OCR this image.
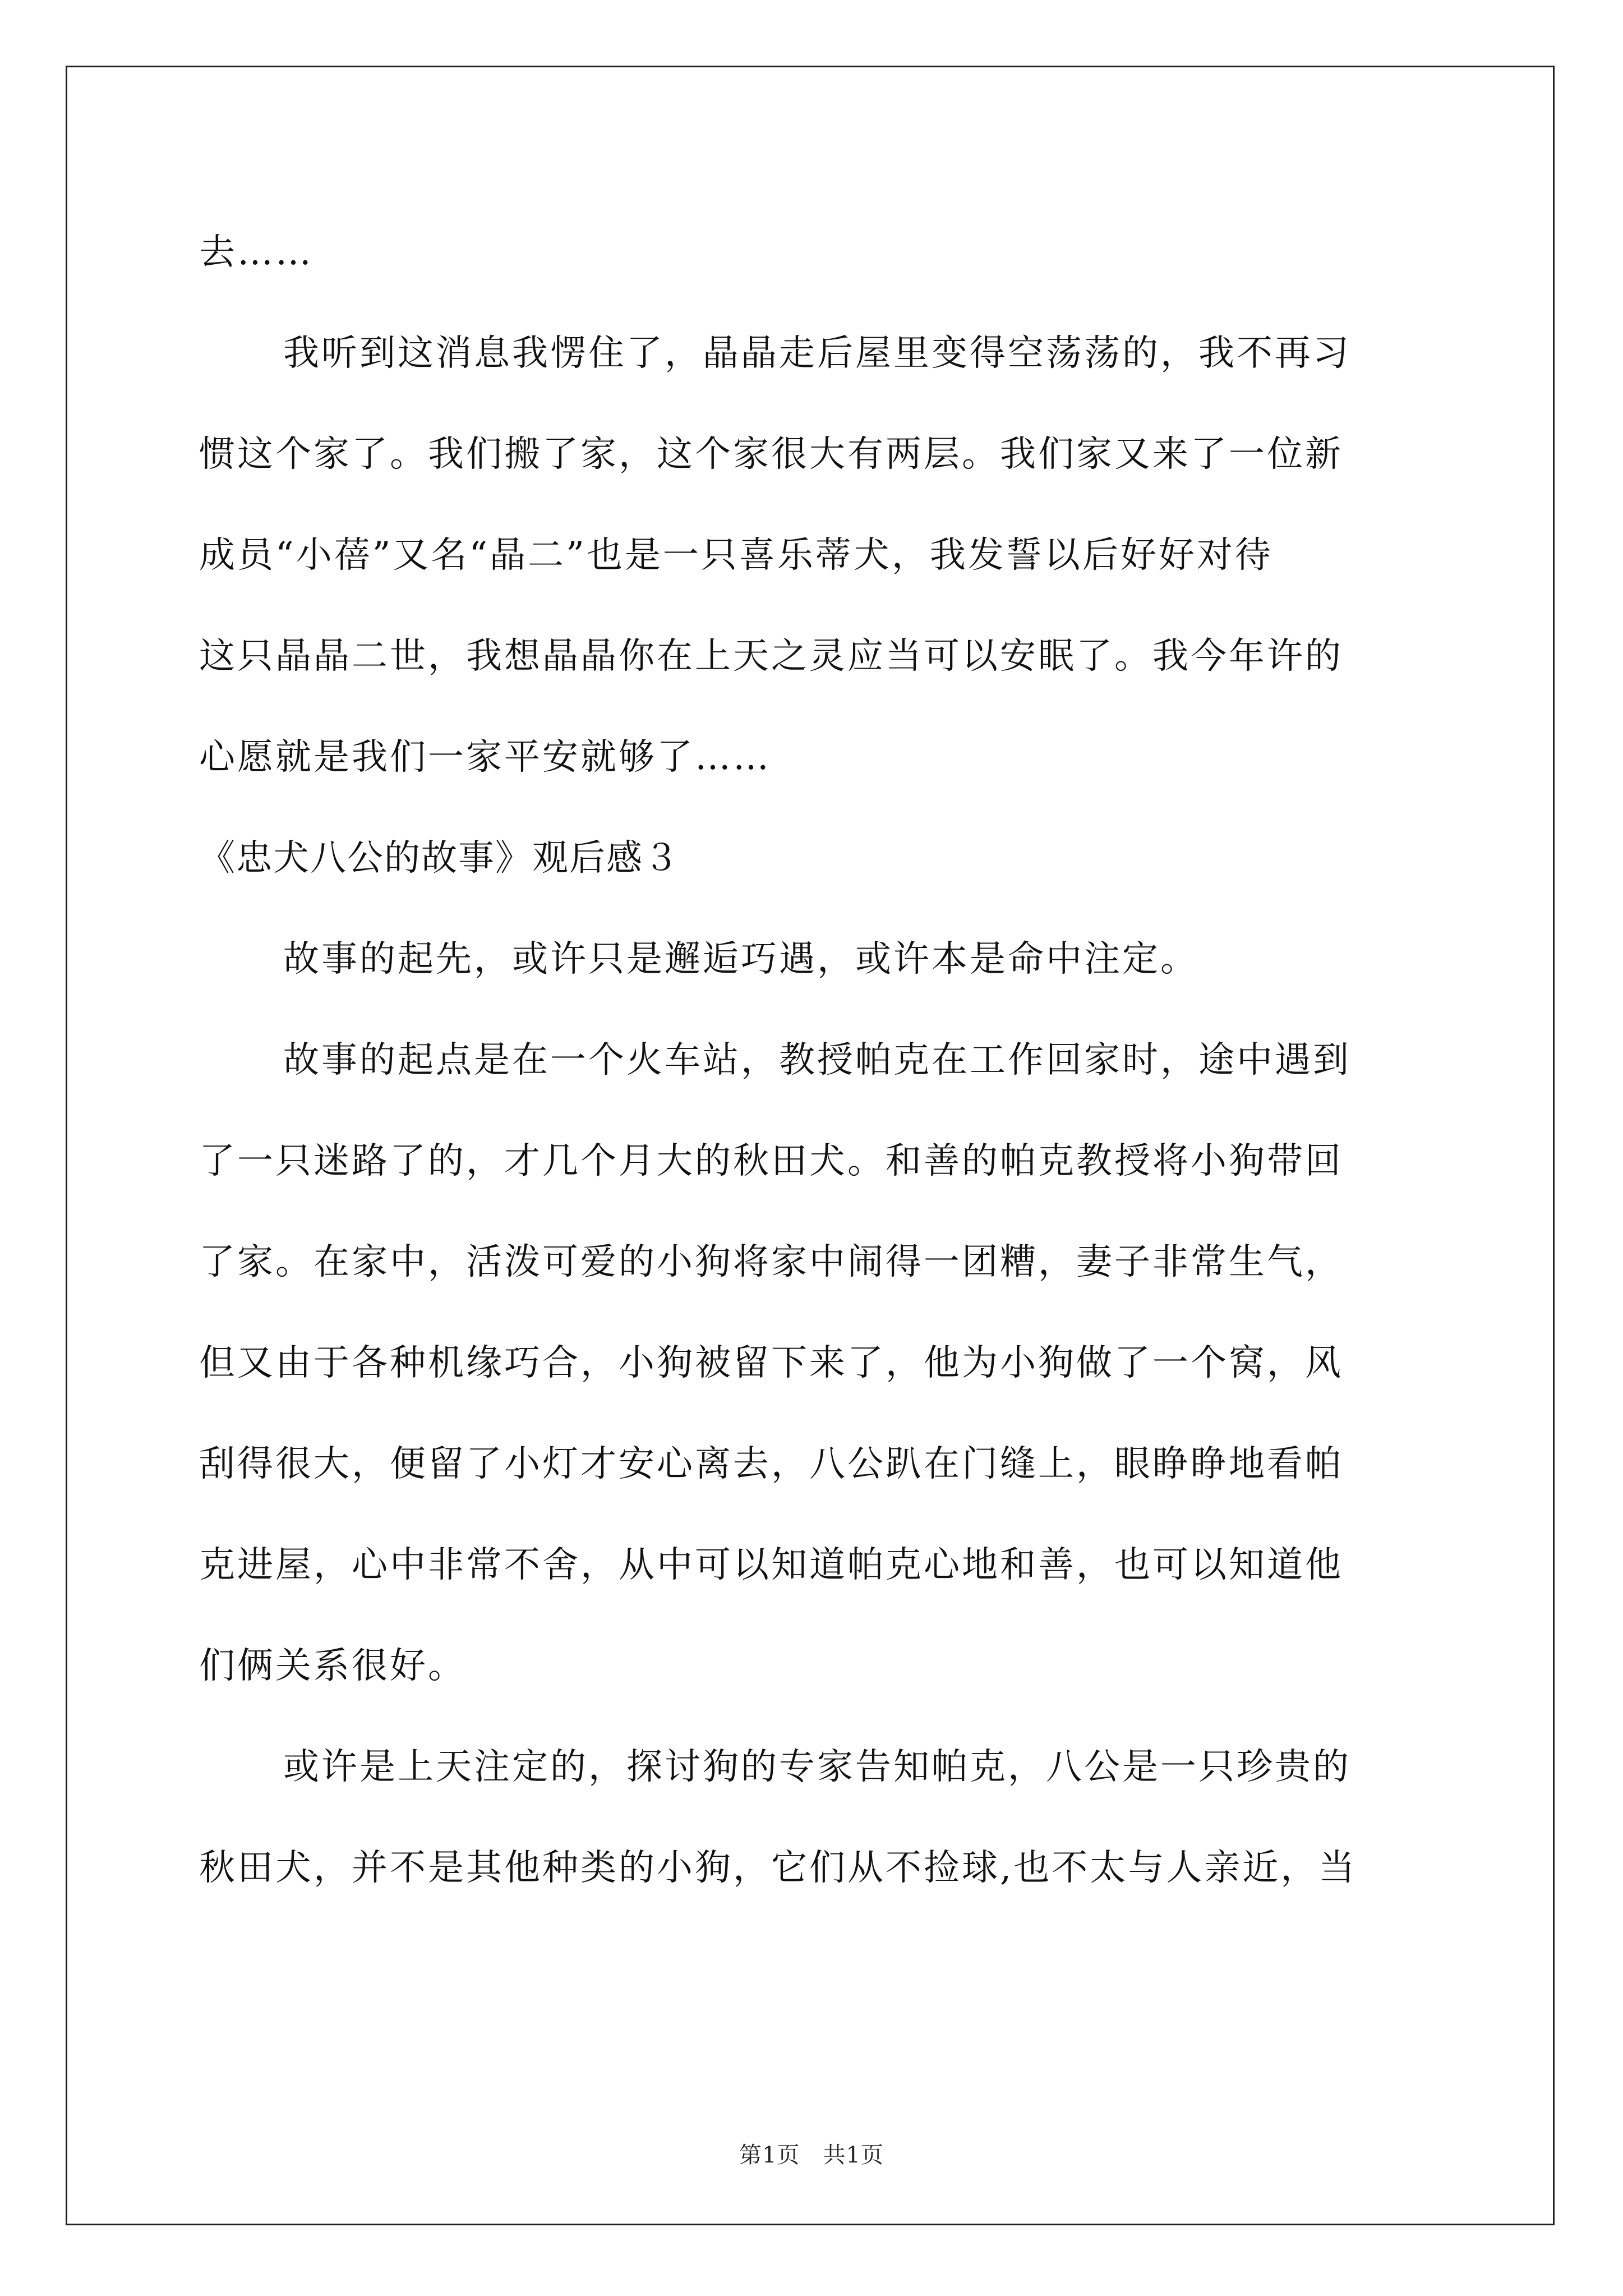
去……
我听到这消息我愣住了，晶晶走后屋里变得空荡荡的，我不再习
惯这个家了。我们搬了家，这个家很大有两层。我们家又来了一位新
成员“小蓓”又名“晶二”也是一只喜乐蒂犬，我发誓以后好好对待
这只晶晶二世，我想晶晶你在上天之灵应当可以安眠了。我今年许的
心愿就是我们一家平安就够了……
《忠犬八公的故事》观后感３
故事的起先，或许只是邂逅巧遇，或许本是命中注定。
故事的起点是在一个火车站，教授帕克在工作回家时，途中遇到
了一只迷路了的，才几个月大的秋田犬。和善的帕克教授将小狗带回
了家。在家中，活泼可爱的小狗将家中闹得一团糟，妻子非常生气，
但又由于各种机缘巧合，小狗被留下来了，他为小狗做了一个窝，风
刮得很大，便留了小灯才安心离去，八公趴在门缝上，眼睁睁地看帕
克进屋，心中非常不舍，从中可以知道帕克心地和善，也可以知道他
们俩关系很好。
或许是上天注定的，探讨狗的专家告知帕克，八公是一只珍贵的
秋田犬，并不是其他种类的小狗，它们从不捡球,也不太与人亲近，当
第1页　共1页
